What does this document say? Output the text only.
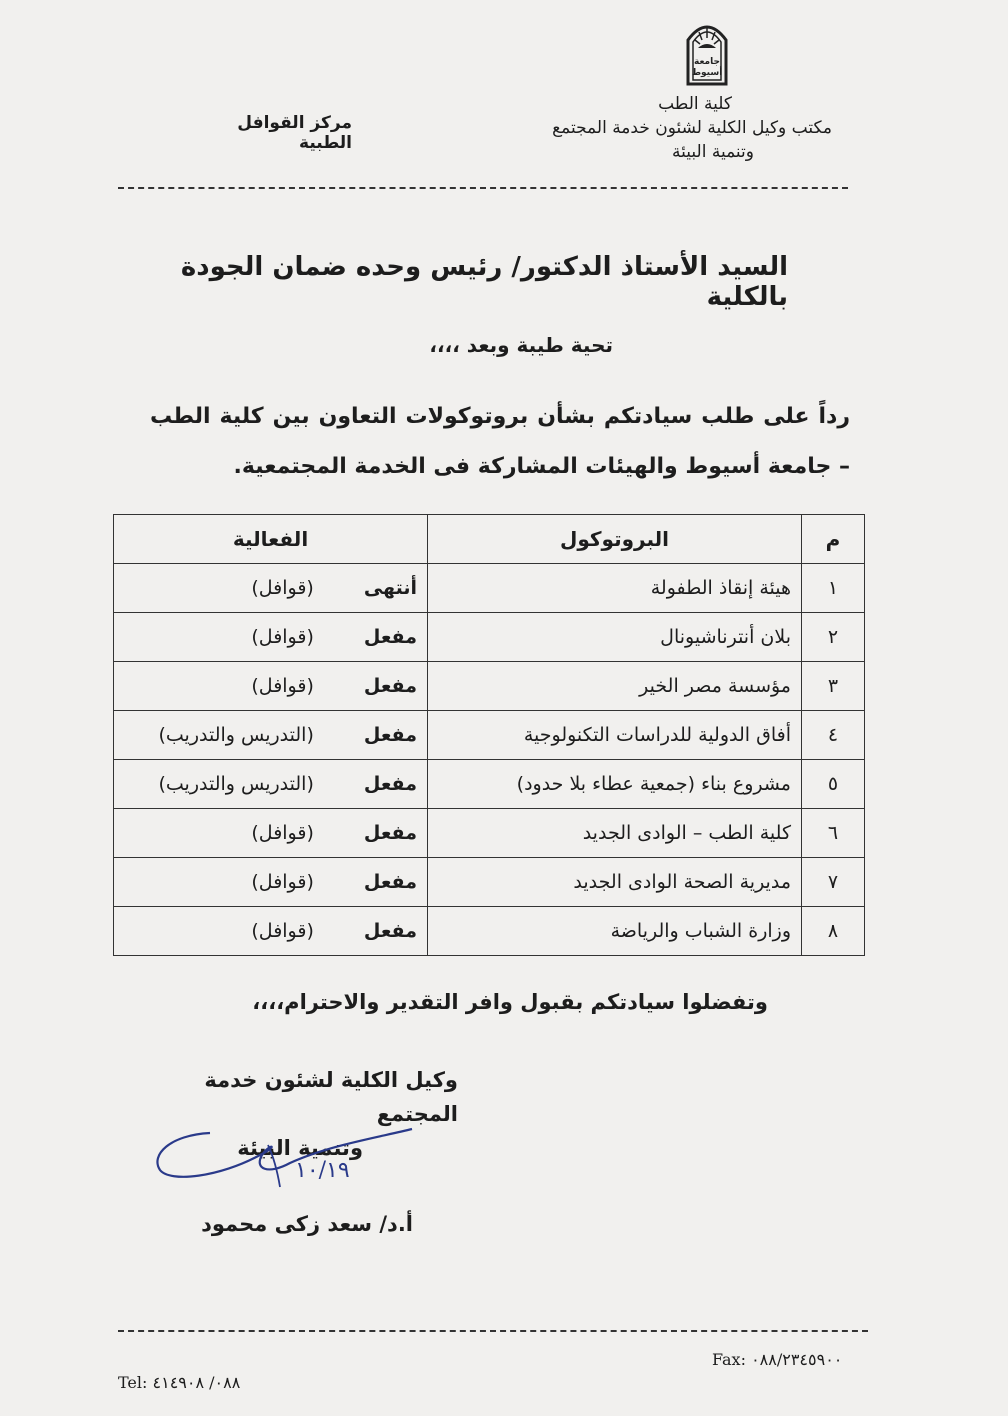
جامعة
أسيوط
كلية الطب
مكتب وكيل الكلية لشئون خدمة المجتمع
وتنمية البيئة
مركز القوافل الطبية
السيد الأستاذ الدكتور/ رئيس وحده ضمان الجودة بالكلية
تحية طيبة وبعد ،،،،
رداً على طلب سيادتكم بشأن بروتوكولات التعاون بين كلية الطب – جامعة أسيوط والهيئات المشاركة فى الخدمة المجتمعية.
م	البروتوكول	الفعالية
١	هيئة إنقاذ الطفولة	أنتهى(قوافل)
٢	بلان أنترناشيونال	مفعل(قوافل)
٣	مؤسسة مصر الخير	مفعل(قوافل)
٤	أفاق الدولية للدراسات التكنولوجية	مفعل(التدريس والتدريب)
٥	مشروع بناء (جمعية عطاء بلا حدود)	مفعل(التدريس والتدريب)
٦	كلية الطب – الوادى الجديد	مفعل(قوافل)
٧	مديرية الصحة الوادى الجديد	مفعل(قوافل)
٨	وزارة الشباب والرياضة	مفعل(قوافل)
وتفضلوا سيادتكم بقبول وافر التقدير والاحترام،،،،
وكيل الكلية لشئون خدمة المجتمع
وتنمية البيئة
١٠/١٩
أ.د/ سعد زكى محمود
Fax: ٠٨٨/٢٣٤٥٩٠٠
Tel: ٠٨٨/ ٤١٤٩٠٨
